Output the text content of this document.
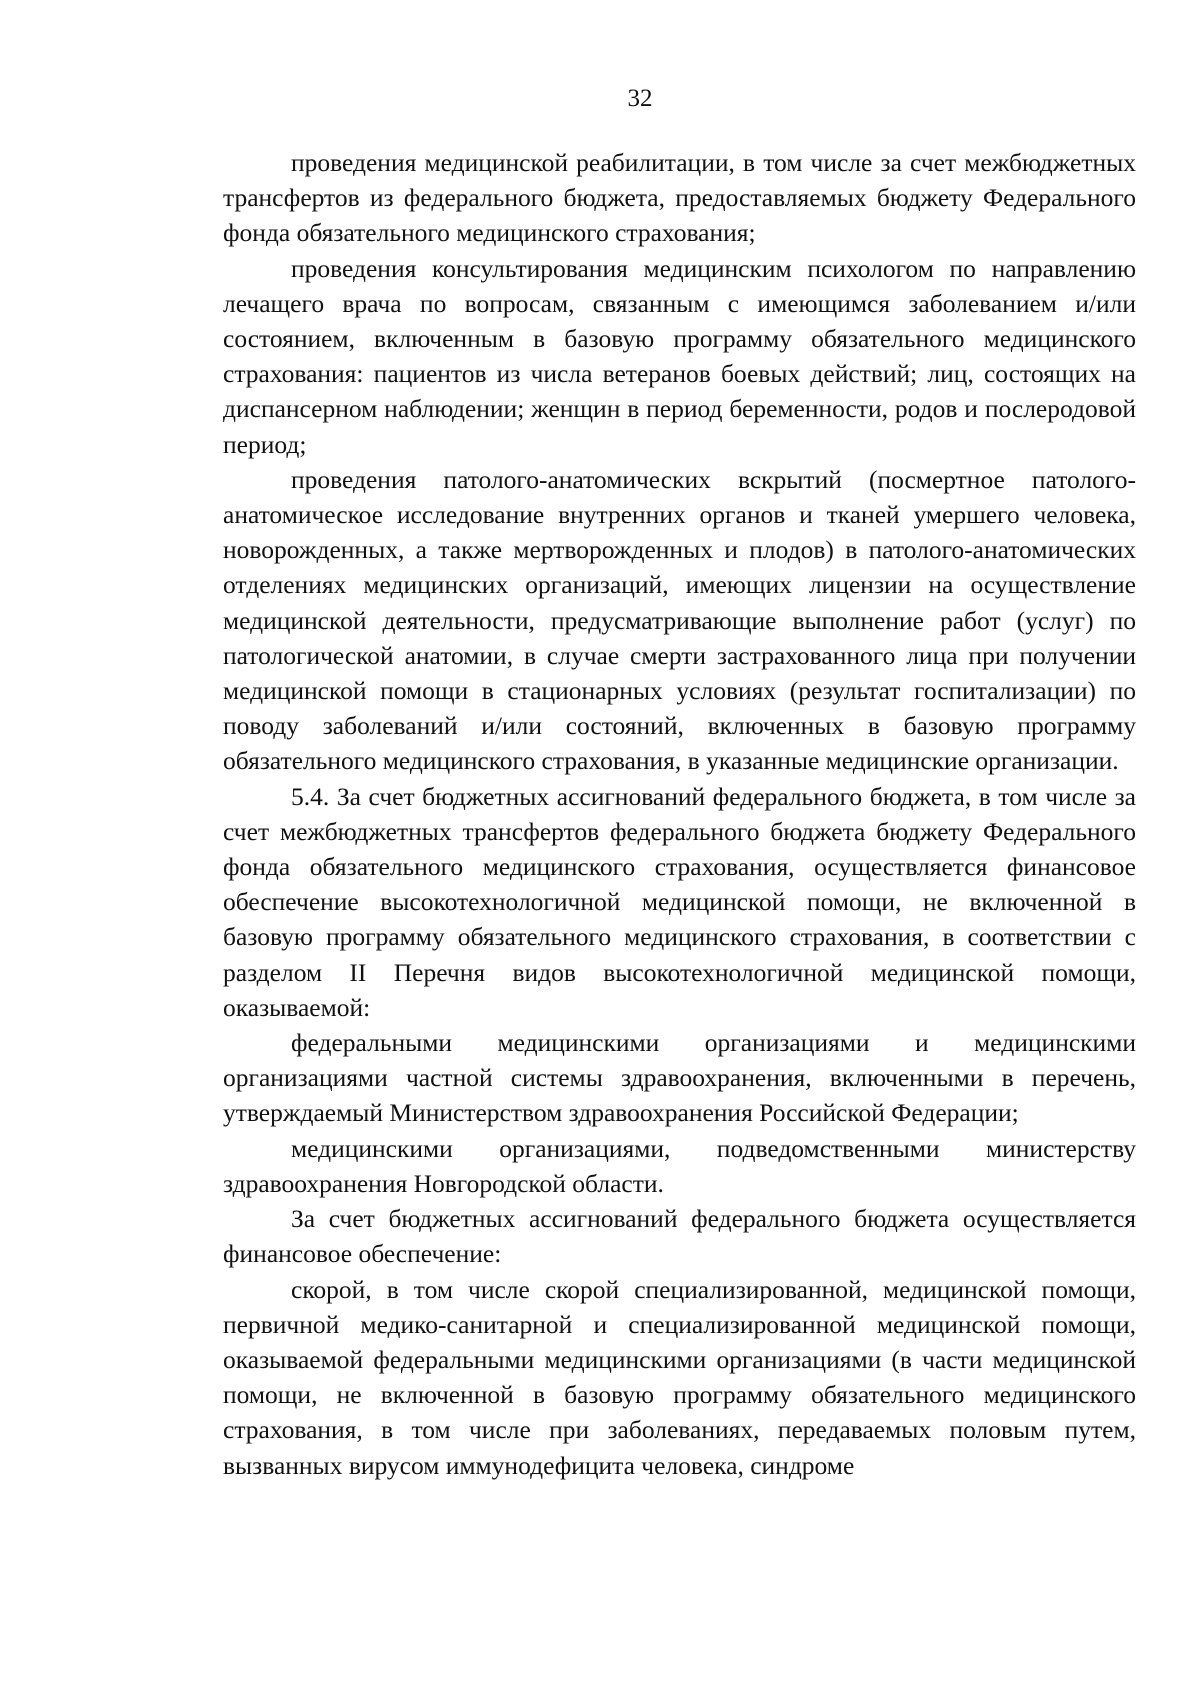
32

проведения медицинской реабилитации, в том числе за счет межбюджетных трансфертов из федерального бюджета, предоставляемых бюджету Федерального фонда обязательного медицинского страхования;

проведения консультирования медицинским психологом по направлению лечащего врача по вопросам, связанным с имеющимся заболеванием и/или состоянием, включенным в базовую программу обязательного медицинского страхования: пациентов из числа ветеранов боевых действий; лиц, состоящих на диспансерном наблюдении; женщин в период беременности, родов и послеродовой период;

проведения патолого-анатомических вскрытий (посмертное патолого-анатомическое исследование внутренних органов и тканей умершего человека, новорожденных, а также мертворожденных и плодов) в патолого-анатомических отделениях медицинских организаций, имеющих лицензии на осуществление медицинской деятельности, предусматривающие выполнение работ (услуг) по патологической анатомии, в случае смерти застрахованного лица при получении медицинской помощи в стационарных условиях (результат госпитализации) по поводу заболеваний и/или состояний, включенных в базовую программу обязательного медицинского страхования, в указанные медицинские организации.

5.4. За счет бюджетных ассигнований федерального бюджета, в том числе за счет межбюджетных трансфертов федерального бюджета бюджету Федерального фонда обязательного медицинского страхования, осуществляется финансовое обеспечение высокотехнологичной медицинской помощи, не включенной в базовую программу обязательного медицинского страхования, в соответствии с разделом II Перечня видов высокотехнологичной медицинской помощи, оказываемой:

федеральными медицинскими организациями и медицинскими организациями частной системы здравоохранения, включенными в перечень, утверждаемый Министерством здравоохранения Российской Федерации;

медицинскими организациями, подведомственными министерству здравоохранения Новгородской области.

За счет бюджетных ассигнований федерального бюджета осуществляется финансовое обеспечение:

скорой, в том числе скорой специализированной, медицинской помощи, первичной медико-санитарной и специализированной медицинской помощи, оказываемой федеральными медицинскими организациями (в части медицинской помощи, не включенной в базовую программу обязательного медицинского страхования, в том числе при заболеваниях, передаваемых половым путем, вызванных вирусом иммунодефицита человека, синдроме
